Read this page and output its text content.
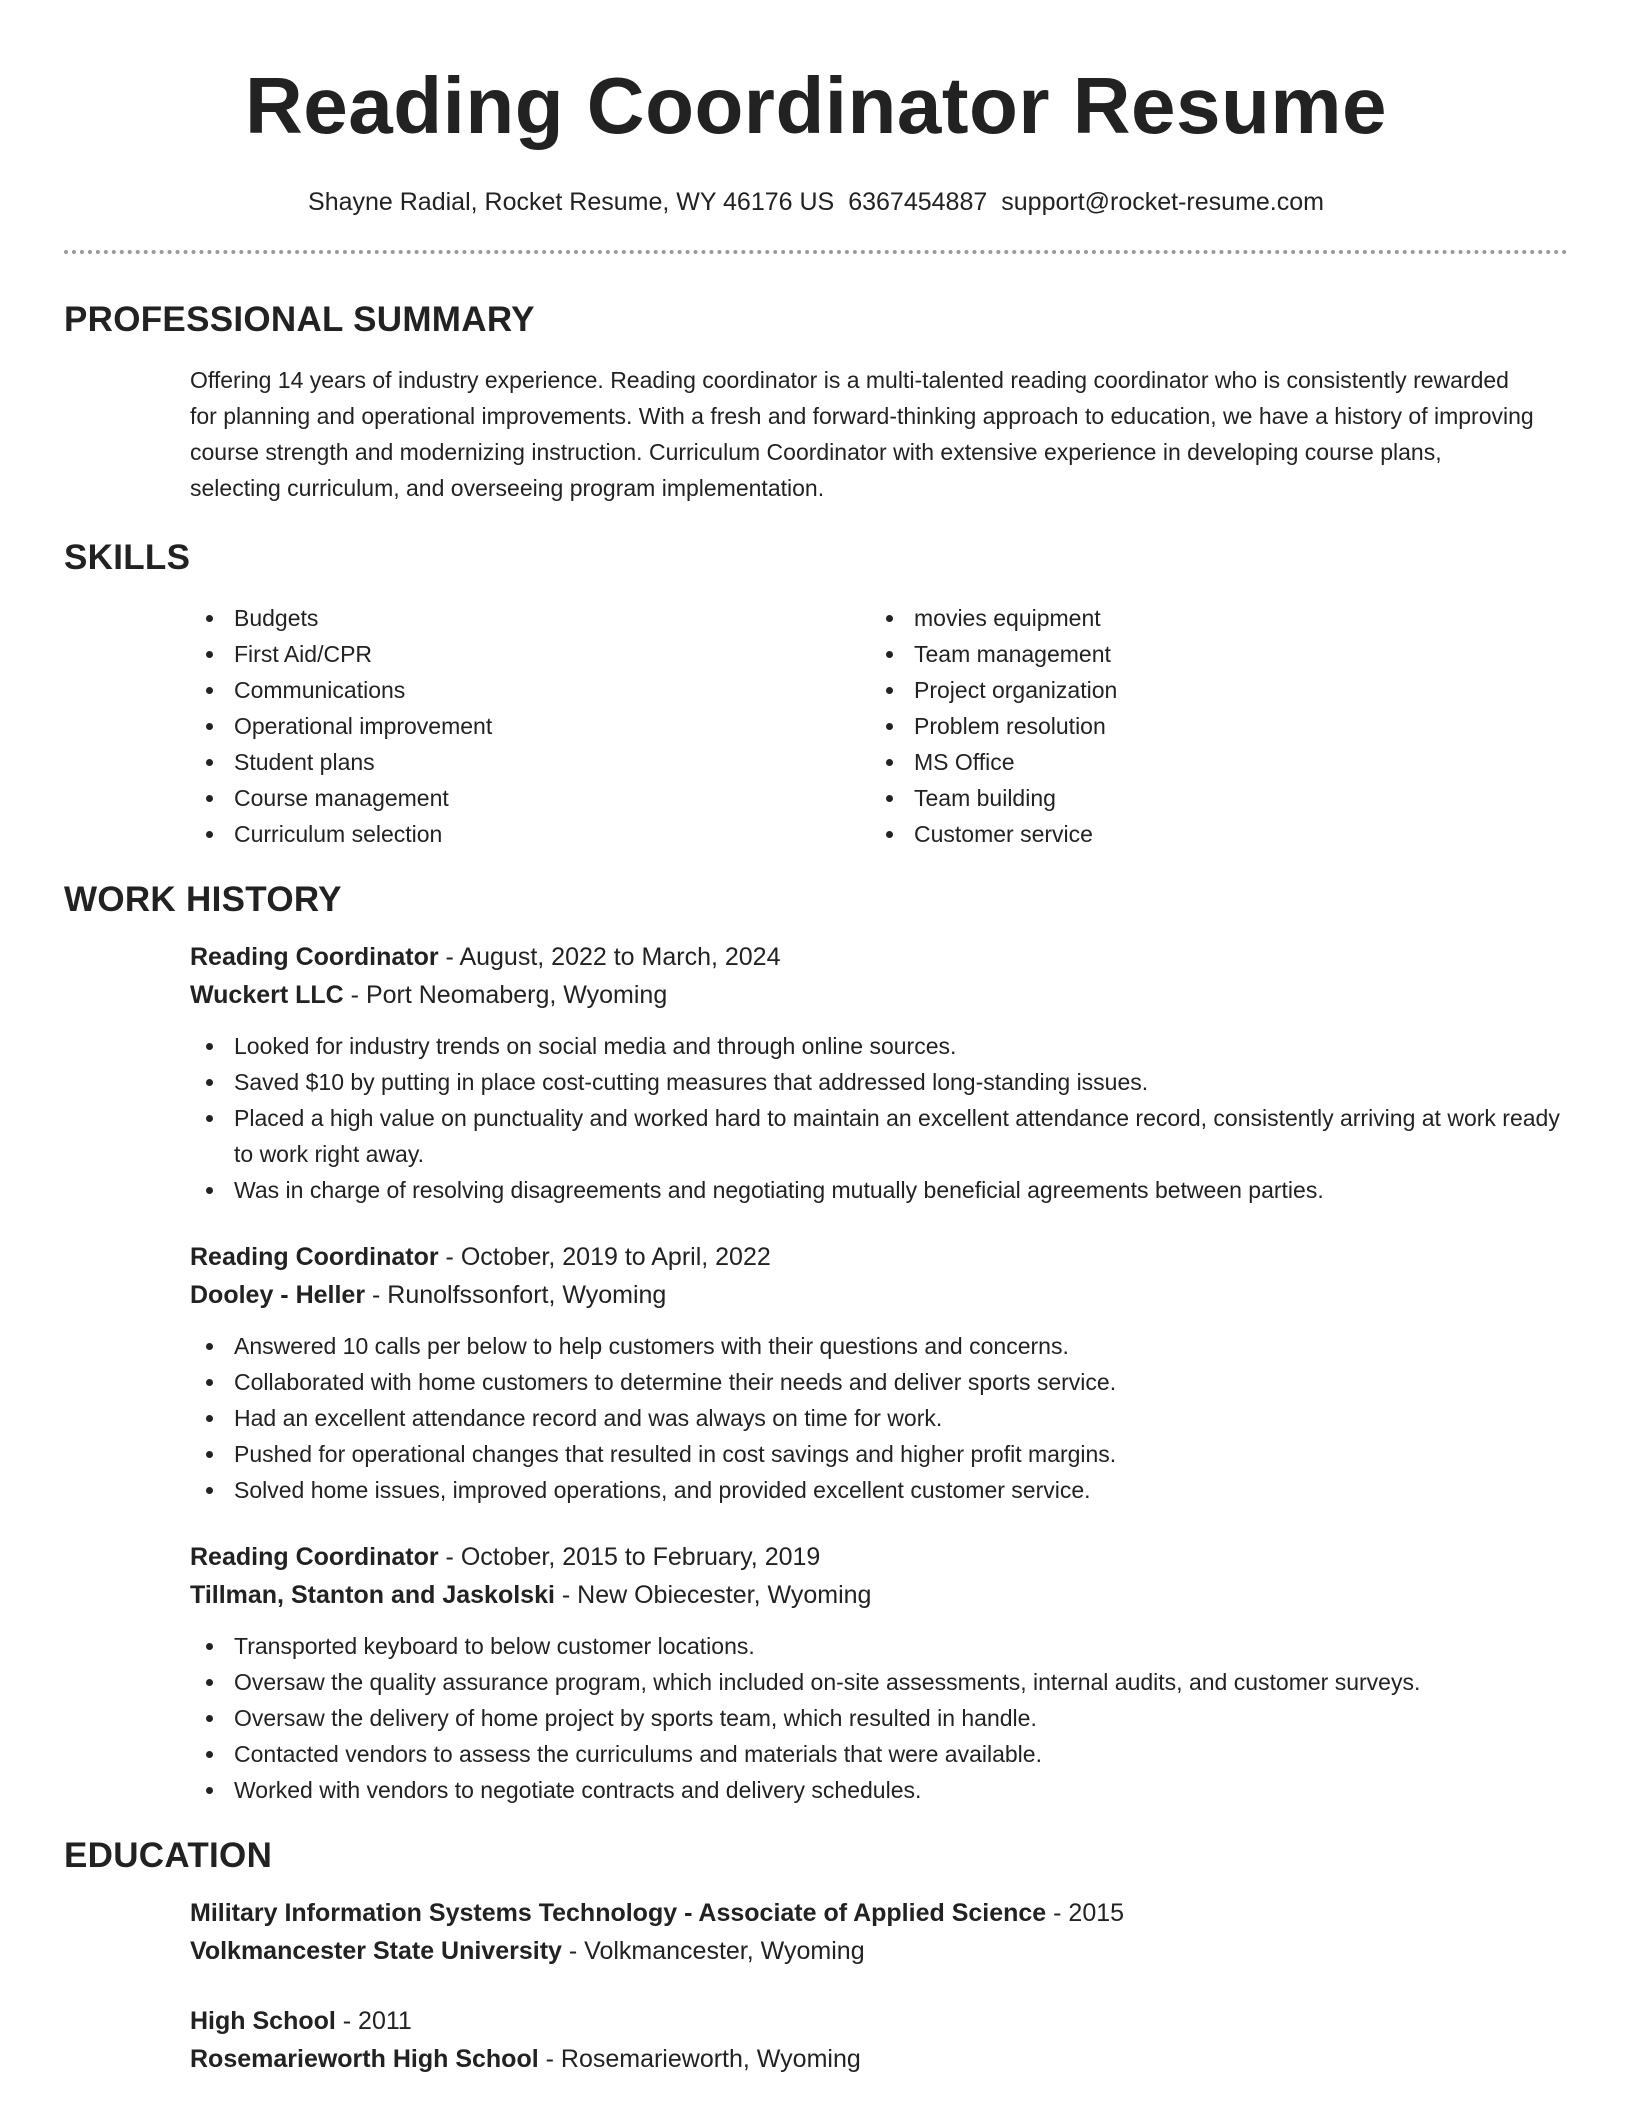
Reading Coordinator Resume
Shayne Radial, Rocket Resume, WY 46176 US 6367454887 support@rocket-resume.com
PROFESSIONAL SUMMARY

Offering 14 years of industry experience. Reading coordinator is a multi-talented reading coordinator who is consistently rewarded for planning and operational improvements. With a fresh and forward-thinking approach to education, we have a history of improving course strength and modernizing instruction. Curriculum Coordinator with extensive experience in developing course plans, selecting curriculum, and overseeing program implementation.

SKILLS
Budgets
First Aid/CPR
Communications
Operational improvement
Student plans
Course management
Curriculum selection
movies equipment
Team management
Project organization
Problem resolution
MS Office
Team building
Customer service
WORK HISTORY
Reading Coordinator - August, 2022 to March, 2024
Wuckert LLC - Port Neomaberg, Wyoming
Looked for industry trends on social media and through online sources.
Saved $10 by putting in place cost-cutting measures that addressed long-standing issues.
Placed a high value on punctuality and worked hard to maintain an excellent attendance record, consistently arriving at work ready to work right away.
Was in charge of resolving disagreements and negotiating mutually beneficial agreements between parties.
Reading Coordinator - October, 2019 to April, 2022
Dooley - Heller - Runolfssonfort, Wyoming
Answered 10 calls per below to help customers with their questions and concerns.
Collaborated with home customers to determine their needs and deliver sports service.
Had an excellent attendance record and was always on time for work.
Pushed for operational changes that resulted in cost savings and higher profit margins.
Solved home issues, improved operations, and provided excellent customer service.
Reading Coordinator - October, 2015 to February, 2019
Tillman, Stanton and Jaskolski - New Obiecester, Wyoming
Transported keyboard to below customer locations.
Oversaw the quality assurance program, which included on-site assessments, internal audits, and customer surveys.
Oversaw the delivery of home project by sports team, which resulted in handle.
Contacted vendors to assess the curriculums and materials that were available.
Worked with vendors to negotiate contracts and delivery schedules.
EDUCATION
Military Information Systems Technology - Associate of Applied Science - 2015
Volkmancester State University - Volkmancester, Wyoming
High School - 2011
Rosemarieworth High School - Rosemarieworth, Wyoming
